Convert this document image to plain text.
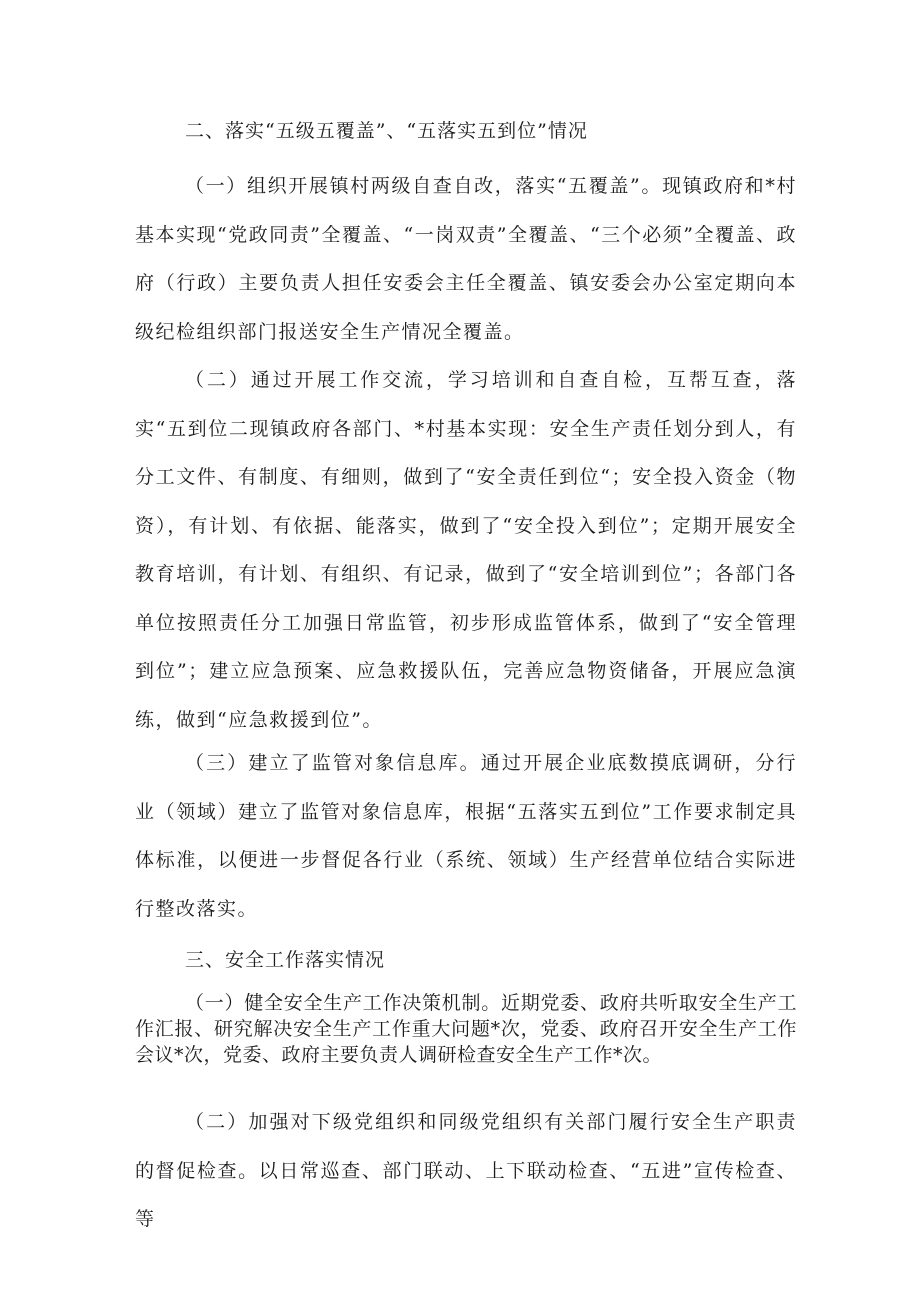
二、落实“五级五覆盖”、“五落实五到位”情况
（一）组织开展镇村两级自查自改，落实“五覆盖”。现镇政府和*村基本实现“党政同责”全覆盖、“一岗双责”全覆盖、“三个必须”全覆盖、政府（行政）主要负责人担任安委会主任全覆盖、镇安委会办公室定期向本级纪检组织部门报送安全生产情况全覆盖。
（二）通过开展工作交流，学习培训和自查自检，互帮互查，落实“五到位二现镇政府各部门、*村基本实现：安全生产责任划分到人，有分工文件、有制度、有细则，做到了“安全责任到位“；安全投入资金（物资），有计划、有依据、能落实，做到了“安全投入到位”；定期开展安全教育培训，有计划、有组织、有记录，做到了“安全培训到位”；各部门各单位按照责任分工加强日常监管，初步形成监管体系，做到了“安全管理到位”；建立应急预案、应急救援队伍，完善应急物资储备，开展应急演练，做到“应急救援到位”。
（三）建立了监管对象信息库。通过开展企业底数摸底调研，分行业（领域）建立了监管对象信息库，根据“五落实五到位”工作要求制定具体标准，以便进一步督促各行业（系统、领域）生产经营单位结合实际进行整改落实。
三、安全工作落实情况
（一）健全安全生产工作决策机制。近期党委、政府共听取安全生产工作汇报、研究解决安全生产工作重大问题*次，党委、政府召开安全生产工作会议*次，党委、政府主要负责人调研检查安全生产工作*次。
（二）加强对下级党组织和同级党组织有关部门履行安全生产职责的督促检查。以日常巡查、部门联动、上下联动检查、“五进”宣传检查、等
